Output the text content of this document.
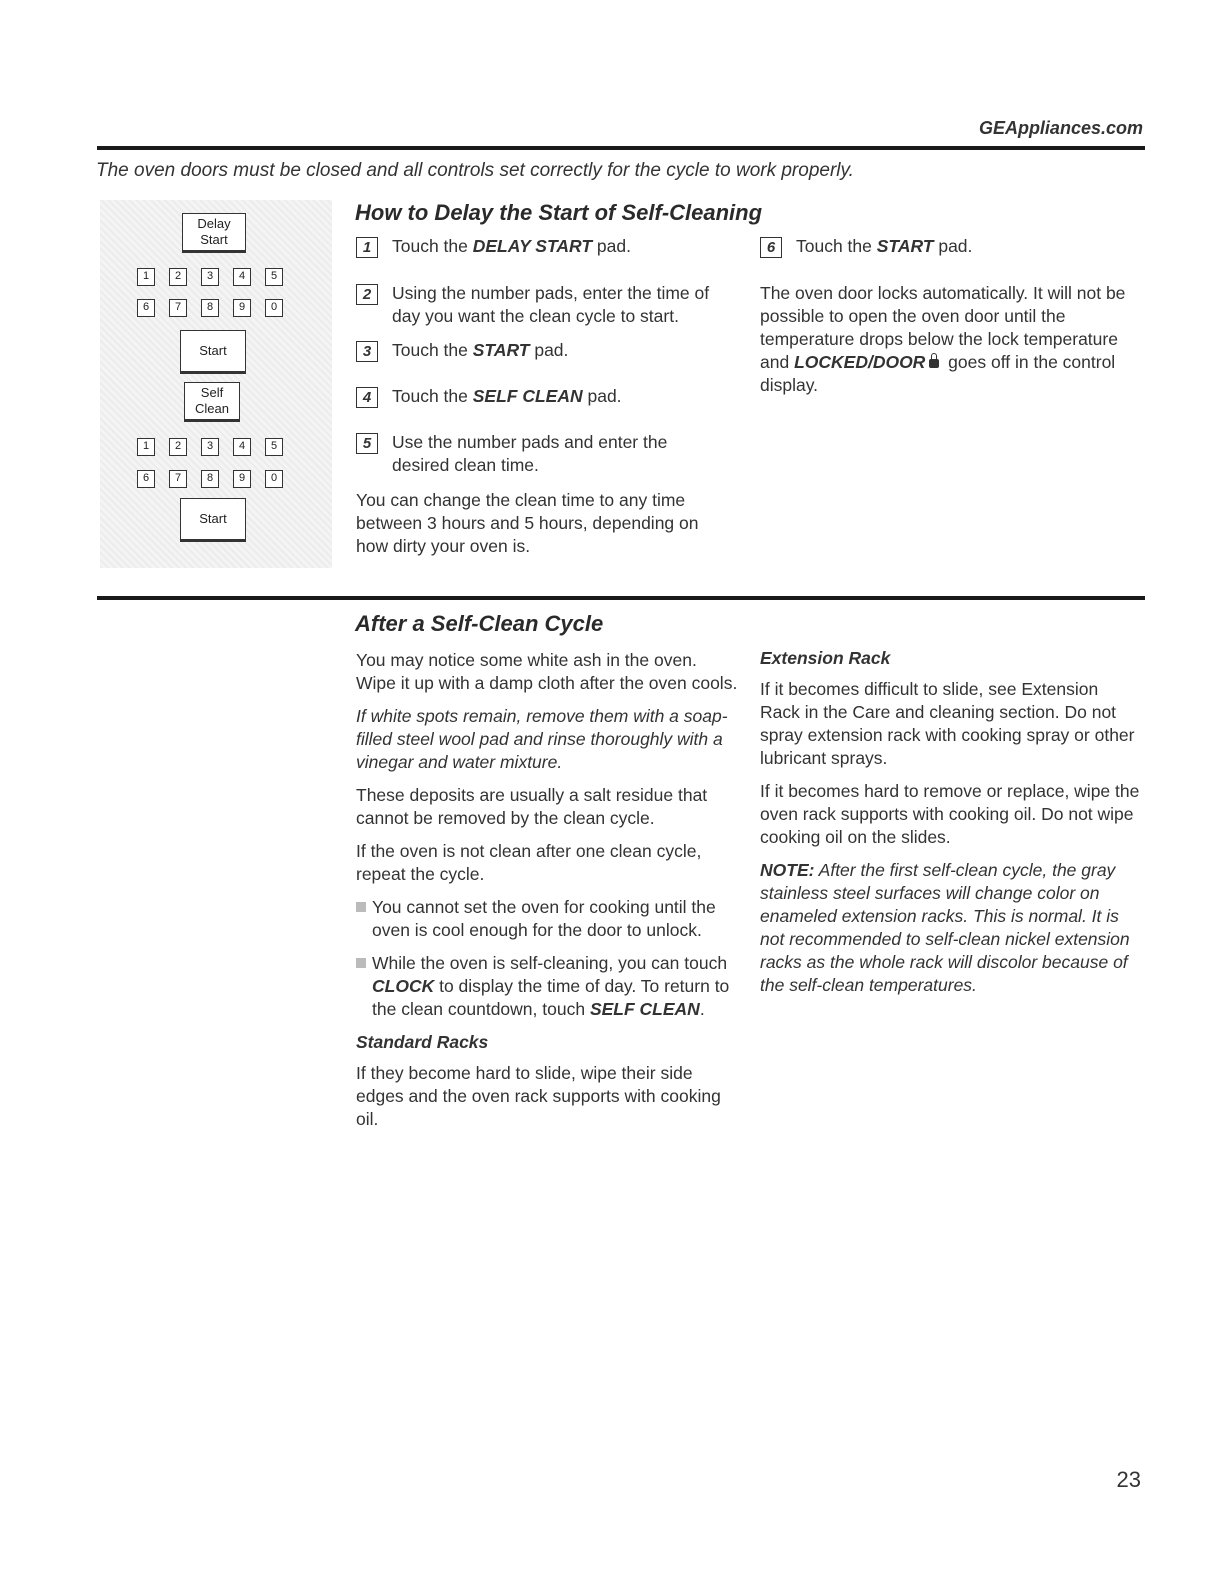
GEAppliances.com
The oven doors must be closed and all controls set correctly for the cycle to work properly.
Delay
Start
1	2	3	4	5
6	7	8	9	0
Start
Self
Clean
1	2	3	4	5
6	7	8	9	0
Start
How to Delay the Start of Self-Cleaning
1	Touch the DELAY START pad.
2	Using the number pads, enter the time of day you want the clean cycle to start.
3	Touch the START pad.
4	Touch the SELF CLEAN pad.
5	Use the number pads and enter the desired clean time.
You can change the clean time to any time between 3 hours and 5 hours, depending on how dirty your oven is.
6	Touch the START pad.
The oven door locks automatically. It will not be possible to open the oven door until the temperature drops below the lock temperature and LOCKED/DOOR goes off in the control display.
After a Self-Clean Cycle

You may notice some white ash in the oven. Wipe it up with a damp cloth after the oven cools.

If white spots remain, remove them with a soap-filled steel wool pad and rinse thoroughly with a vinegar and water mixture.

These deposits are usually a salt residue that cannot be removed by the clean cycle.

If the oven is not clean after one clean cycle, repeat the cycle.

You cannot set the oven for cooking until the oven is cool enough for the door to unlock.
While the oven is self-cleaning, you can touch CLOCK to display the time of day. To return to the clean countdown, touch SELF CLEAN.
Standard Racks

If they become hard to slide, wipe their side edges and the oven rack supports with cooking oil.

Extension Rack

If it becomes difficult to slide, see Extension Rack in the Care and cleaning section. Do not spray extension rack with cooking spray or other lubricant sprays.

If it becomes hard to remove or replace, wipe the oven rack supports with cooking oil. Do not wipe cooking oil on the slides.

NOTE: After the first self-clean cycle, the gray stainless steel surfaces will change color on enameled extension racks. This is normal. It is not recommended to self-clean nickel extension racks as the whole rack will discolor because of the self-clean temperatures.

23
